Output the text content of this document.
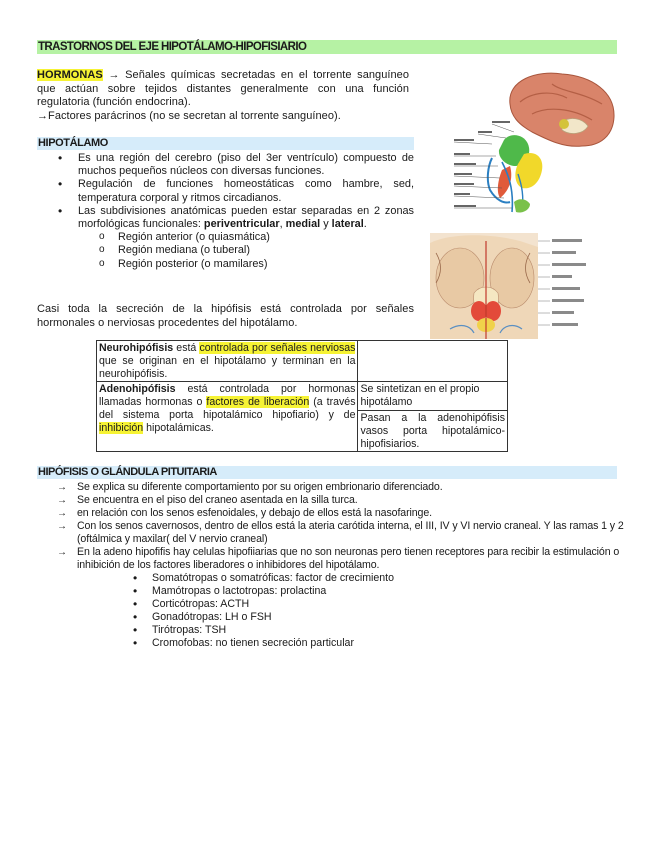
TRASTORNOS DEL EJE HIPOTÁLAMO-HIPOFISIARIO
HORMONAS → Señales químicas secretadas en el torrente sanguíneo que actúan sobre tejidos distantes generalmente con una función regulatoria (función endocrina).
→Factores parácrinos (no se secretan al torrente sanguíneo).
HIPOTÁLAMO
• Es una región del cerebro (piso del 3er ventrículo) compuesto de muchos pequeños núcleos con diversas funciones.
• Regulación de funciones homeostáticas como hambre, sed, temperatura corporal y ritmos circadianos.
• Las subdivisiones anatómicas pueden estar separadas en 2 zonas morfológicas funcionales: periventricular, medial y lateral.
o Región anterior (o quiasmática)
o Región mediana (o tuberal)
o Región posterior (o mamilares)
Casi toda la secreción de la hipófisis está controlada por señales hormonales o nerviosas procedentes del hipotálamo.
Neurohipófisis está controlada por señales nerviosas que se originan en el hipotálamo y terminan en la neurohipófisis.	
Adenohipófisis está controlada por hormonas llamadas hormonas o factores de liberación (a través del sistema porta hipotalámico hipofiario) y de inhibición hipotalámicas.	Se sintetizan en el propio hipotálamo
	Pasan a la adenohipófisis vasos porta hipotalámico-hipofisiarios.
HIPÓFISIS O GLÁNDULA PITUITARIA
→ Se explica su diferente comportamiento por su origen embrionario diferenciado.
→ Se encuentra en el piso del craneo asentada en la silla turca.
→ en relación con los senos esfenoidales, y debajo de ellos está la nasofaringe.
→ Con los senos cavernosos, dentro de ellos está la ateria carótida interna, el III, IV y VI nervio craneal. Y las ramas 1 y 2 (oftálmica y maxilar( del V nervio craneal)
→ En la adeno hipofifis hay celulas hipofiiarias que no son neuronas pero tienen receptores para recibir la estimulación o inhibición de los factores liberadores o inhibidores del hipotálamo.
• Somatótropas o somatróficas: factor de crecimiento
• Mamótropas o lactotropas: prolactina
• Corticótropas: ACTH
• Gonadótropas: LH o FSH
• Tirótropas: TSH
• Cromofobas: no tienen secreción particular
